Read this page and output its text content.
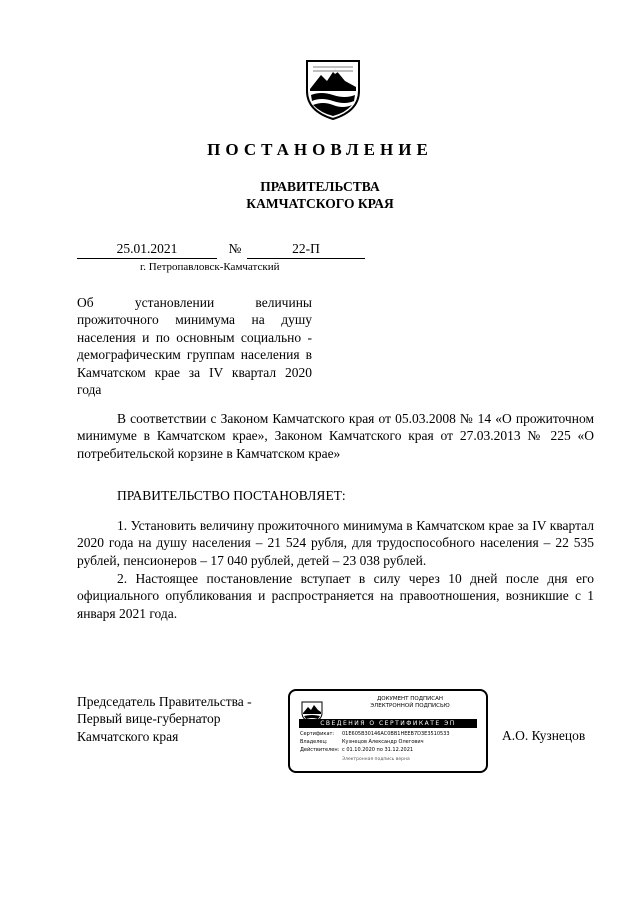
ПОСТАНОВЛЕНИЕ
ПРАВИТЕЛЬСТВА
КАМЧАТСКОГО КРАЯ
25.01.2021	№	22-П
г. Петропавловск-Камчатский
Об установлении величины прожиточного минимума на душу населения и по основным социально - демографическим группам населения в Камчатском крае за IV квартал 2020 года
В соответствии с Законом Камчатского края от 05.03.2008 № 14 «О прожиточном минимуме в Камчатском крае», Законом Камчатского края от 27.03.2013 № 225 «О потребительской корзине в Камчатском крае»
ПРАВИТЕЛЬСТВО ПОСТАНОВЛЯЕТ:
1. Установить величину прожиточного минимума в Камчатском крае за IV квартал 2020 года на душу населения – 21 524 рубля, для трудоспособного населения – 22 535 рублей, пенсионеров – 17 040 рублей, детей – 23 038 рублей.
2. Настоящее постановление вступает в силу через 10 дней после дня его официального опубликования и распространяется на правоотношения, возникшие с 1 января 2021 года.
Председатель Правительства -
Первый вице-губернатор
Камчатского края
ДОКУМЕНТ ПОДПИСАН
ЭЛЕКТРОННОЙ ПОДПИСЬЮ
СВЕДЕНИЯ О СЕРТИФИКАТЕ ЭП
Сертификат: 01E605B30146AC0BB1HEEB7D3E3510533
Владелец:	Кузнецов Александр Олегович
Действителен: с 01.10.2020 по 31.12.2021
Электронная подпись верна
А.О. Кузнецов
